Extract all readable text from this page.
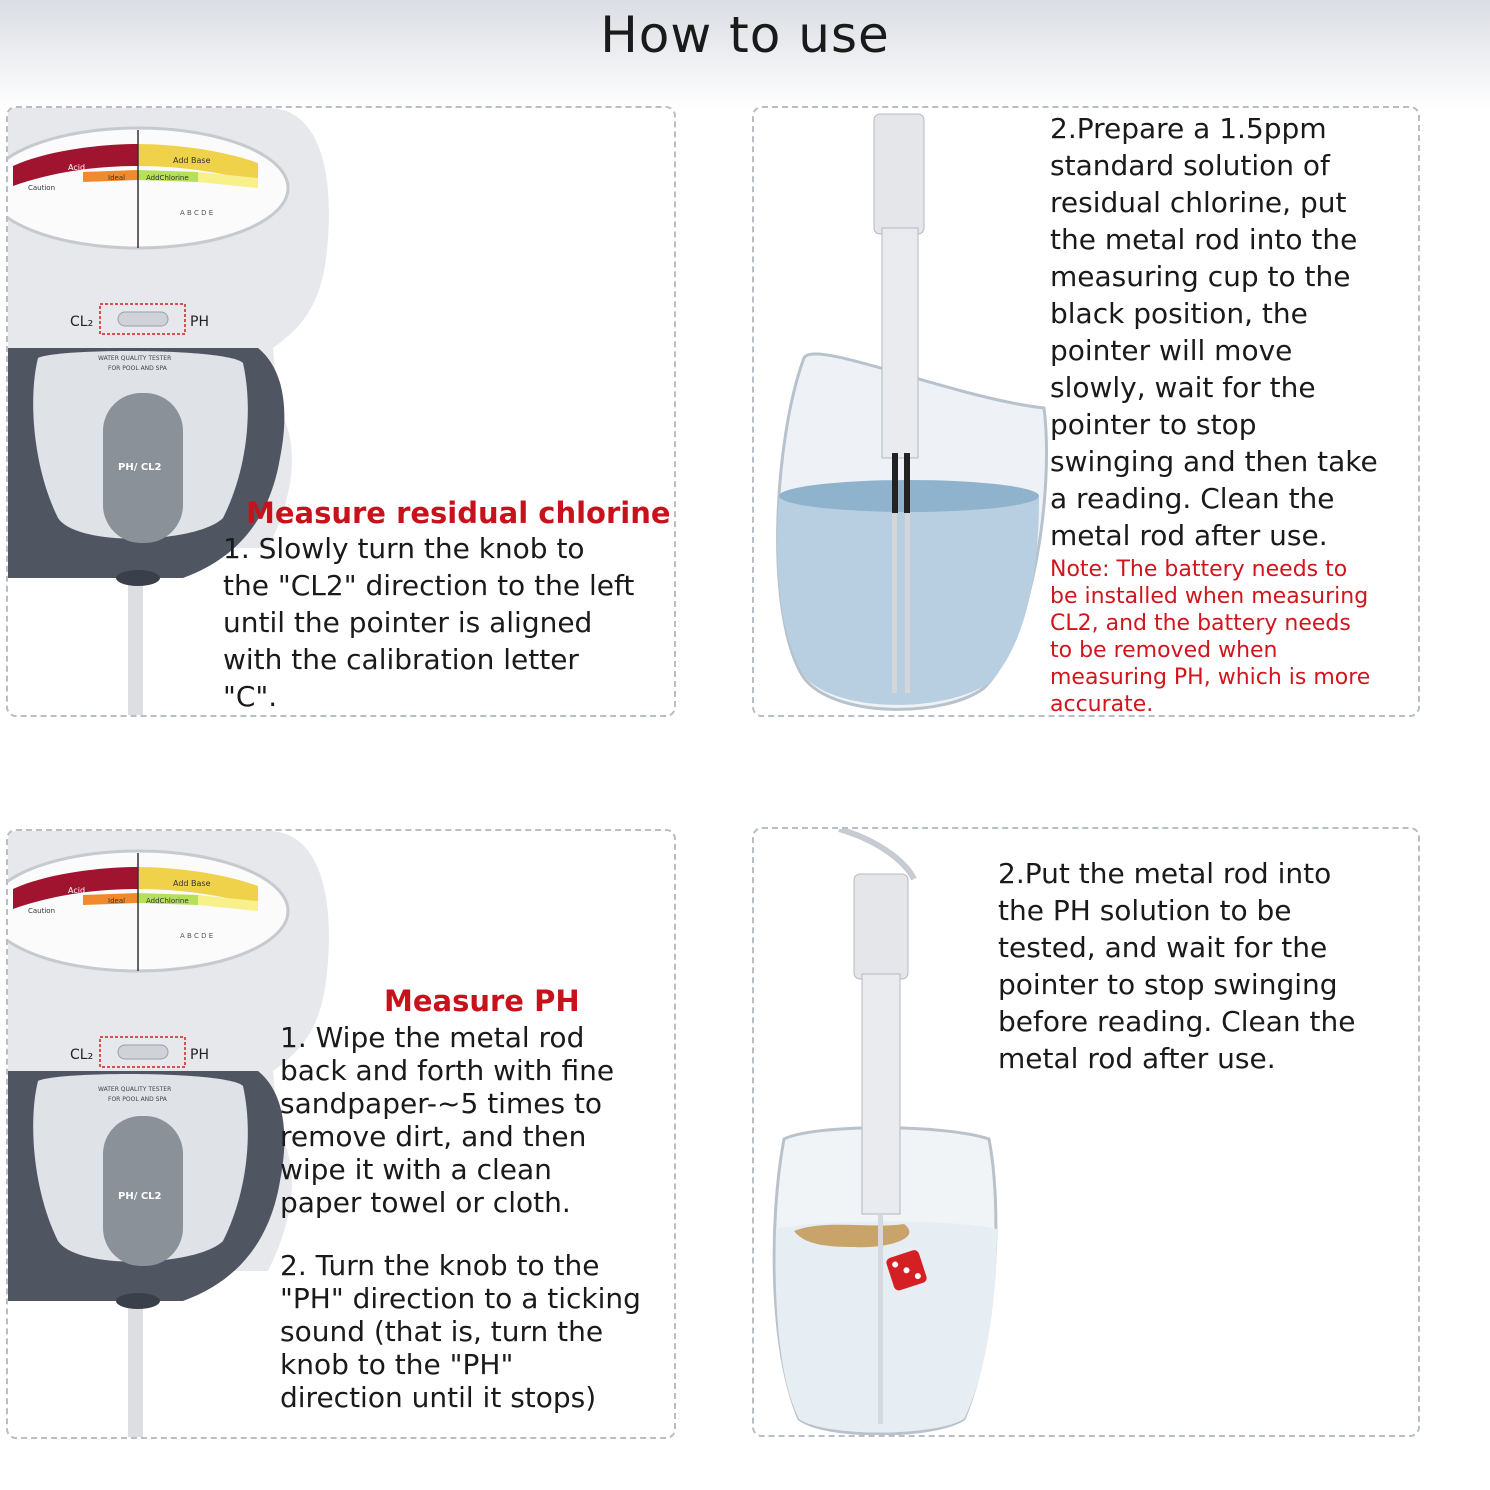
How to use
Acid
Ideal
Caution
AddChlorine
Add Base
A B C D E
CL₂	PH
WATER QUALITY TESTER
FOR POOL AND SPA
PH/ CL2

Measure residual chlorine

1. Slowly turn the knob to

the "CL2" direction to the left

until the pointer is aligned

with the calibration letter

"C".

2.Prepare a 1.5ppm

standard solution of

residual chlorine, put

the metal rod into the

measuring cup to the

black position, the

pointer will move

slowly, wait for the

pointer to stop

swinging and then take

a reading. Clean the

metal rod after use.

Note: The battery needs to

be installed when measuring

CL2, and the battery needs

to be removed when

measuring PH, which is more

accurate.

Acid
Ideal
Caution
AddChlorine
Add Base
A B C D E
CL₂	PH
WATER QUALITY TESTER
FOR POOL AND SPA
PH/ CL2

Measure PH

1. Wipe the metal rod

back and forth with fine

sandpaper-~5 times to

remove dirt, and then

wipe it with a clean

paper towel or cloth.

2. Turn the knob to the

"PH" direction to a ticking

sound (that is, turn the

knob to the "PH"

direction until it stops)

2.Put the metal rod into

the PH solution to be

tested, and wait for the

pointer to stop swinging

before reading. Clean the

metal rod after use.
